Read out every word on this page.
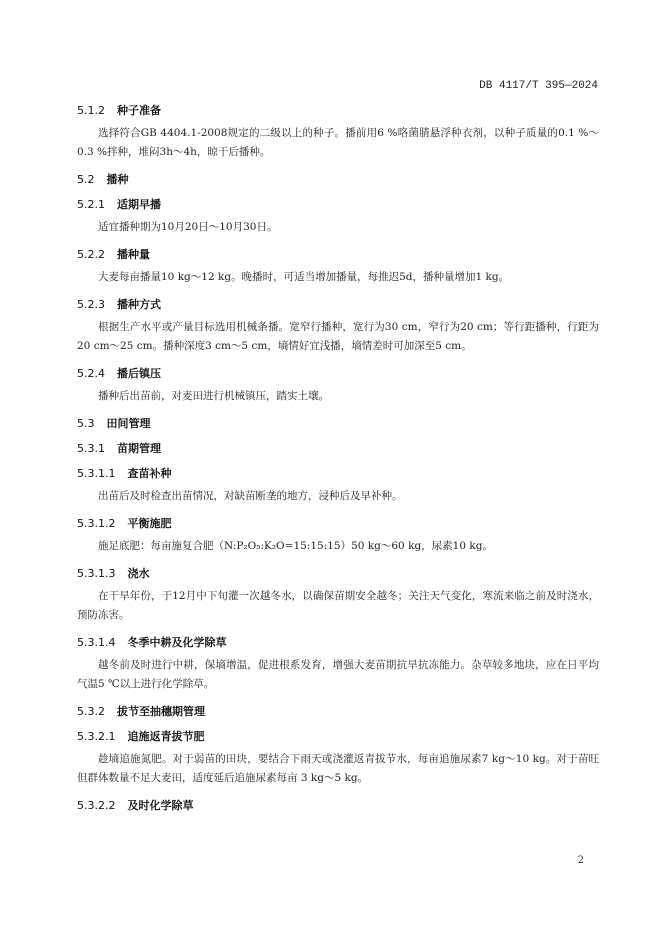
DB 4117/T 395—2024
5.1.2 种子准备

选择符合GB 4404.1-2008规定的二级以上的种子。播前用6 %咯菌腈悬浮种衣剂，以种子质量的0.1 %～0.3 %拌种，堆闷3h～4h，晾干后播种。

5.2 播种
5.2.1 适期早播

适宜播种期为10月20日～10月30日。

5.2.2 播种量

大麦每亩播量10 kg～12 kg。晚播时，可适当增加播量，每推迟5d，播种量增加1 kg。

5.2.3 播种方式

根据生产水平或产量目标选用机械条播。宽窄行播种，宽行为30 cm，窄行为20 cm；等行距播种，行距为20 cm～25 cm。播种深度3 cm～5 cm，墒情好宜浅播，墒情差时可加深至5 cm。

5.2.4 播后镇压

播种后出苗前，对麦田进行机械镇压，踏实土壤。

5.3 田间管理
5.3.1 苗期管理
5.3.1.1 查苗补种

出苗后及时检查出苗情况，对缺苗断垄的地方，浸种后及早补种。

5.3.1.2 平衡施肥

施足底肥：每亩施复合肥（N:P₂O₅:K₂O=15:15:15）50 kg～60 kg，尿素10 kg。

5.3.1.3 浇水

在干旱年份，于12月中下旬灌一次越冬水，以确保苗期安全越冬；关注天气变化，寒流来临之前及时浇水，预防冻害。

5.3.1.4 冬季中耕及化学除草

越冬前及时进行中耕，保墒增温，促进根系发育，增强大麦苗期抗旱抗冻能力。杂草较多地块，应在日平均气温5 ℃以上进行化学除草。

5.3.2 拔节至抽穗期管理
5.3.2.1 追施返青拔节肥

趁墒追施氮肥。对于弱苗的田块，要结合下雨天或浇灌返青拔节水，每亩追施尿素7 kg～10 kg。对于苗旺但群体数量不足大麦田，适度延后追施尿素每亩 3 kg～5 kg。

5.3.2.2 及时化学除草
2
